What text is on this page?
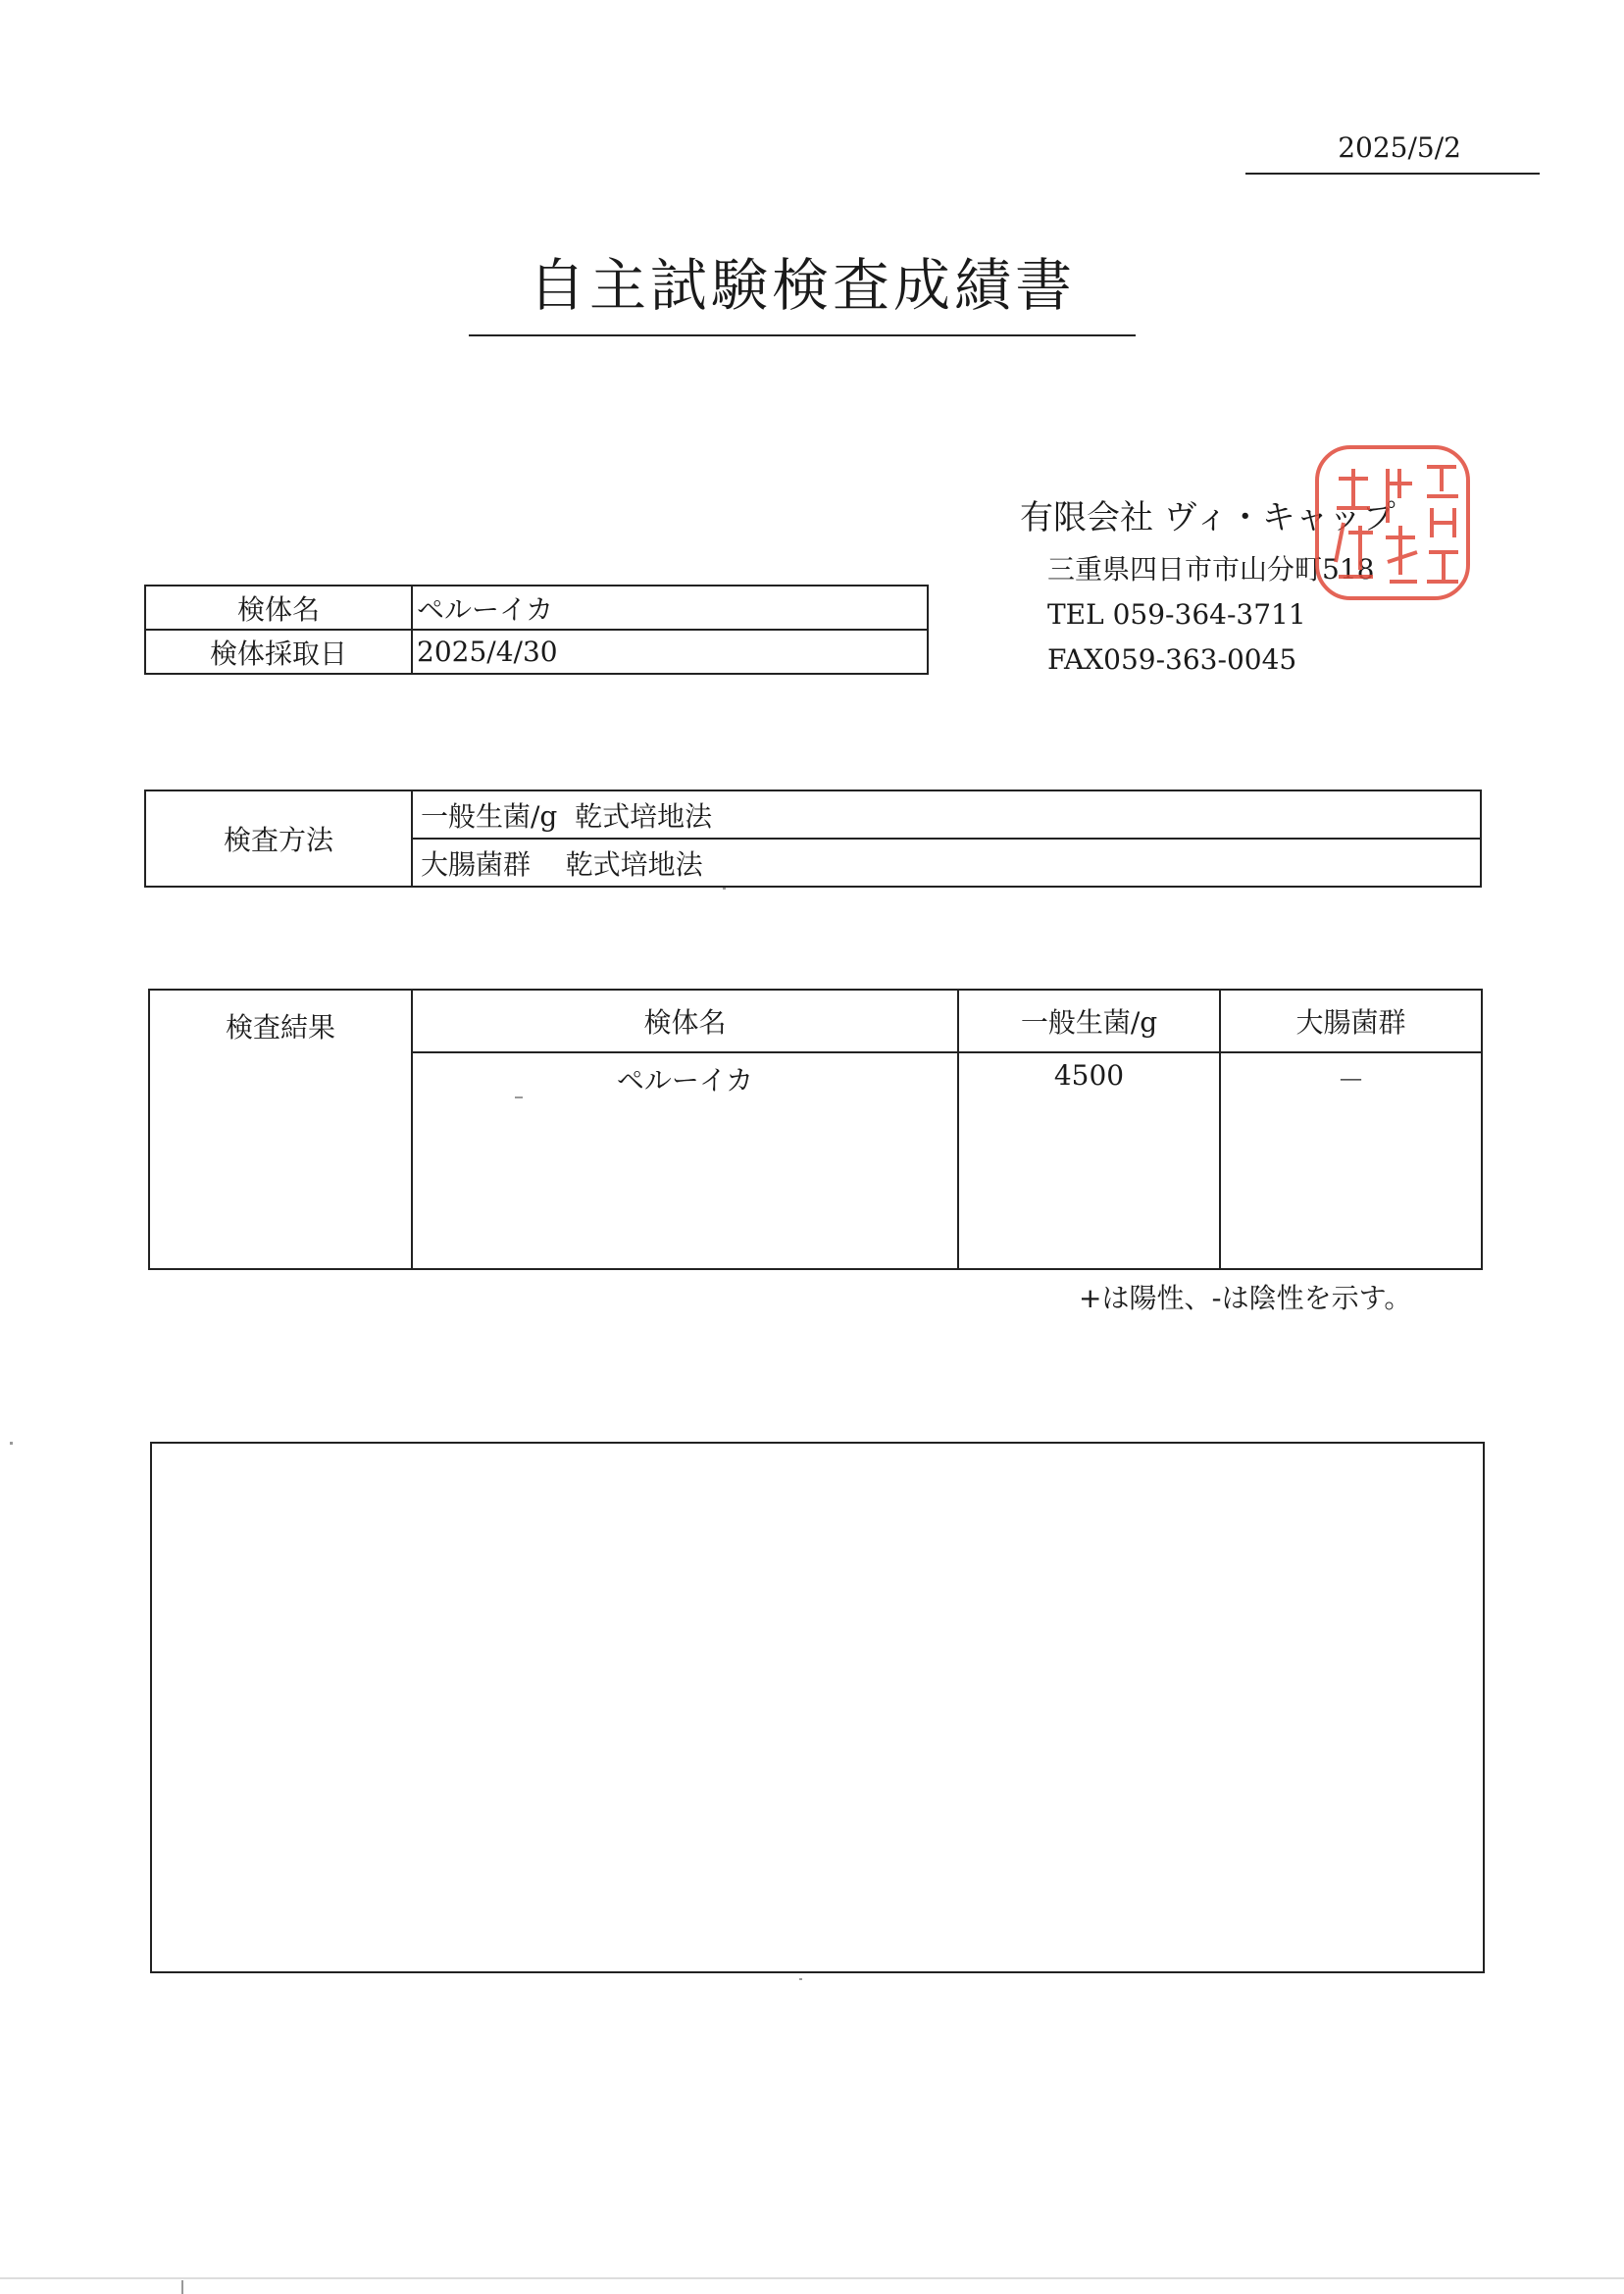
2025/5/2
自主試験検査成績書
有限会社 ヴィ・キャップ
三重県四日市市山分町518
TEL 059-364-3711
FAX059-363-0045
検体名	ペルーイカ
検体採取日	2025/4/30
検査方法	一般生菌/g  乾式培地法
大腸菌群    乾式培地法
検査結果	検体名	一般生菌/g	大腸菌群
	ペルーイカ	4500	－
+は陽性、-は陰性を示す。
